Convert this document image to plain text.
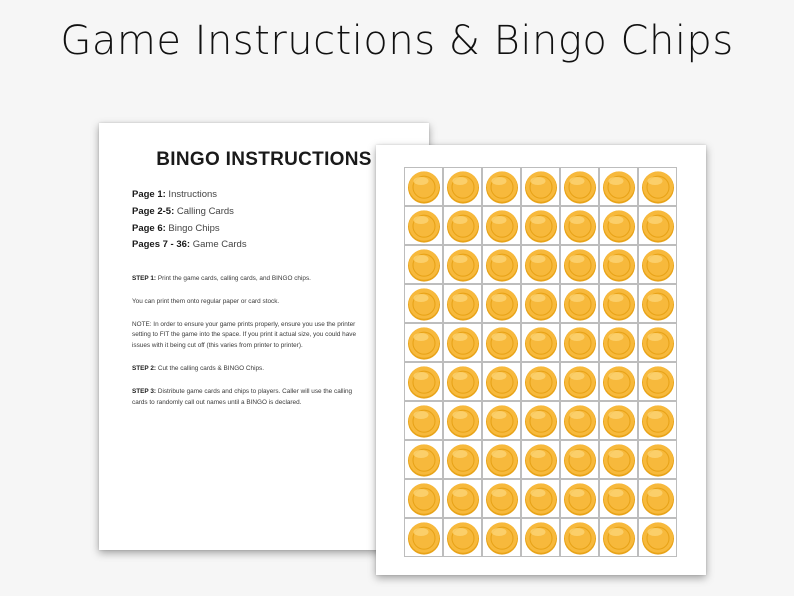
Game Instructions & Bingo Chips
BINGO INSTRUCTIONS
Page 1: Instructions
Page 2-5: Calling Cards
Page 6: Bingo Chips
Pages 7 - 36: Game Cards

STEP 1: Print the game cards, calling cards, and BINGO chips.

You can print them onto regular paper or card stock.

NOTE: In order to ensure your game prints properly, ensure you use the printer
setting to FIT the game into the space. If you print it actual size, you could have
issues with it being cut off (this varies from printer to printer).

STEP 2: Cut the calling cards & BINGO Chips.

STEP 3: Distribute game cards and chips to players. Caller will use the calling
cards to randomly call out names until a BINGO is declared.
